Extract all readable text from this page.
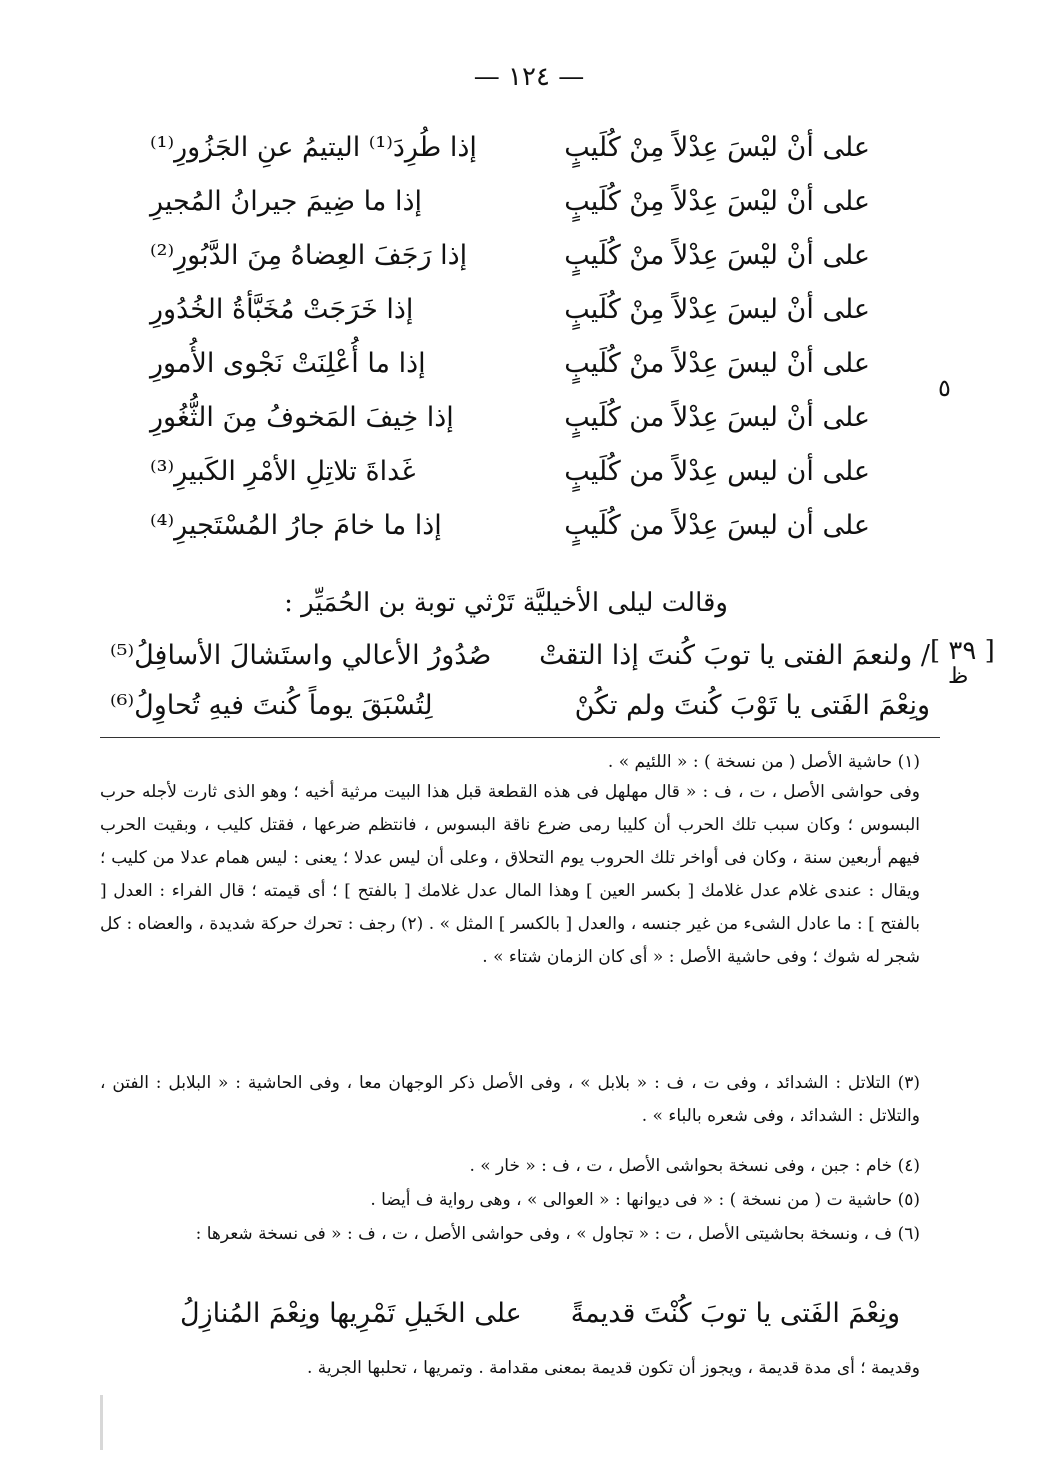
— ١٢٤ —
على أنْ ليْسَ عِدْلاً مِنْ كُلَيبٍ
إذا طُرِدَ⁽¹⁾ اليتيمُ عنِ الجَزُورِ⁽¹⁾
على أنْ ليْسَ عِدْلاً مِنْ كُلَيبٍ
إذا ما ضِيمَ جيرانُ المُجيرِ
على أنْ ليْسَ عِدْلاً منْ كُلَيبٍ
إذا رَجَفَ العِضاهُ مِنَ الدَّبُورِ⁽²⁾
على أنْ ليسَ عِدْلاً مِنْ كُلَيبٍ
إذا خَرَجَتْ مُخَبَّأةُ الخُدُورِ
على أنْ ليسَ عِدْلاً منْ كُلَيبٍ
إذا ما أُعْلِنَتْ نَجْوى الأُمورِ
على أنْ ليسَ عِدْلاً من كُلَيبٍ
إذا خِيفَ المَخوفُ مِنَ الثُّغُورِ
على أن ليس عِدْلاً من كُلَيبٍ
غَداةَ تلاتِلِ الأمْرِ الكَبيرِ⁽³⁾
على أن ليسَ عِدْلاً من كُلَيبٍ
إذا ما خامَ جارُ المُسْتَجيرِ⁽⁴⁾
٥
وقالت ليلى الأخيليَّة تَرْثي توبة بن الحُمَيِّر :
[ ٣٩ ]
ظ
/ ولنعمَ الفتى يا توبَ كُنتَ إذا التقتْ
صُدُورُ الأعالي واستَشالَ الأسافِلُ⁽⁵⁾
ونِعْمَ الفَتى يا تَوْبَ كُنتَ ولم تكُنْ
لِتُسْبَقَ يوماً كُنتَ فيهِ تُحاوِلُ⁽⁶⁾
(١) حاشية الأصل ( من نسخة ) : « اللئيم » .
وفى حواشى الأصل ، ت ، ف : « قال مهلهل فى هذه القطعة قبل هذا البيت مرثية أخيه ؛ وهو الذى ثارت لأجله حرب البسوس ؛ وكان سبب تلك الحرب أن كليبا رمى ضرع ناقة البسوس ، فانتظم ضرعها ، فقتل كليب ، وبقيت الحرب فيهم أربعين سنة ، وكان فى أواخر تلك الحروب يوم التحلاق ، وعلى أن ليس عدلا ؛ يعنى : ليس همام عدلا من كليب ؛ ويقال : عندى غلام عدل غلامك [ بكسر العين ] وهذا المال عدل غلامك [ بالفتح ] ؛ أى قيمته ؛ قال الفراء : العدل [ بالفتح ] : ما عادل الشىء من غير جنسه ، والعدل [ بالكسر ] المثل » . (٢) رجف : تحرك حركة شديدة ، والعضاه : كل شجر له شوك ؛ وفى حاشية الأصل : « أى كان الزمان شتاء » .
(٣) التلاتل : الشدائد ، وفى ت ، ف : « بلابل » ، وفى الأصل ذكر الوجهان معا ، وفى الحاشية : « البلابل : الفتن ، والتلاتل : الشدائد ، وفى شعره بالباء » .
(٤) خام : جبن ، وفى نسخة بحواشى الأصل ، ت ، ف : « خار » .
(٥) حاشية ت ( من نسخة ) : « فى ديوانها : « العوالى » ، وهى رواية ف أيضا .
(٦) ف ، ونسخة بحاشيتى الأصل ، ت : « تجاول » ، وفى حواشى الأصل ، ت ، ف : « فى نسخة شعرها :
ونِعْمَ الفَتى يا توبَ كُنْتَ قديمةً
على الخَيلِ تَمْرِيها ونِعْمَ المُنازِلُ
وقديمة ؛ أى مدة قديمة ، ويجوز أن تكون قديمة بمعنى مقدامة . وتمريها ، تحلبها الجرية .
